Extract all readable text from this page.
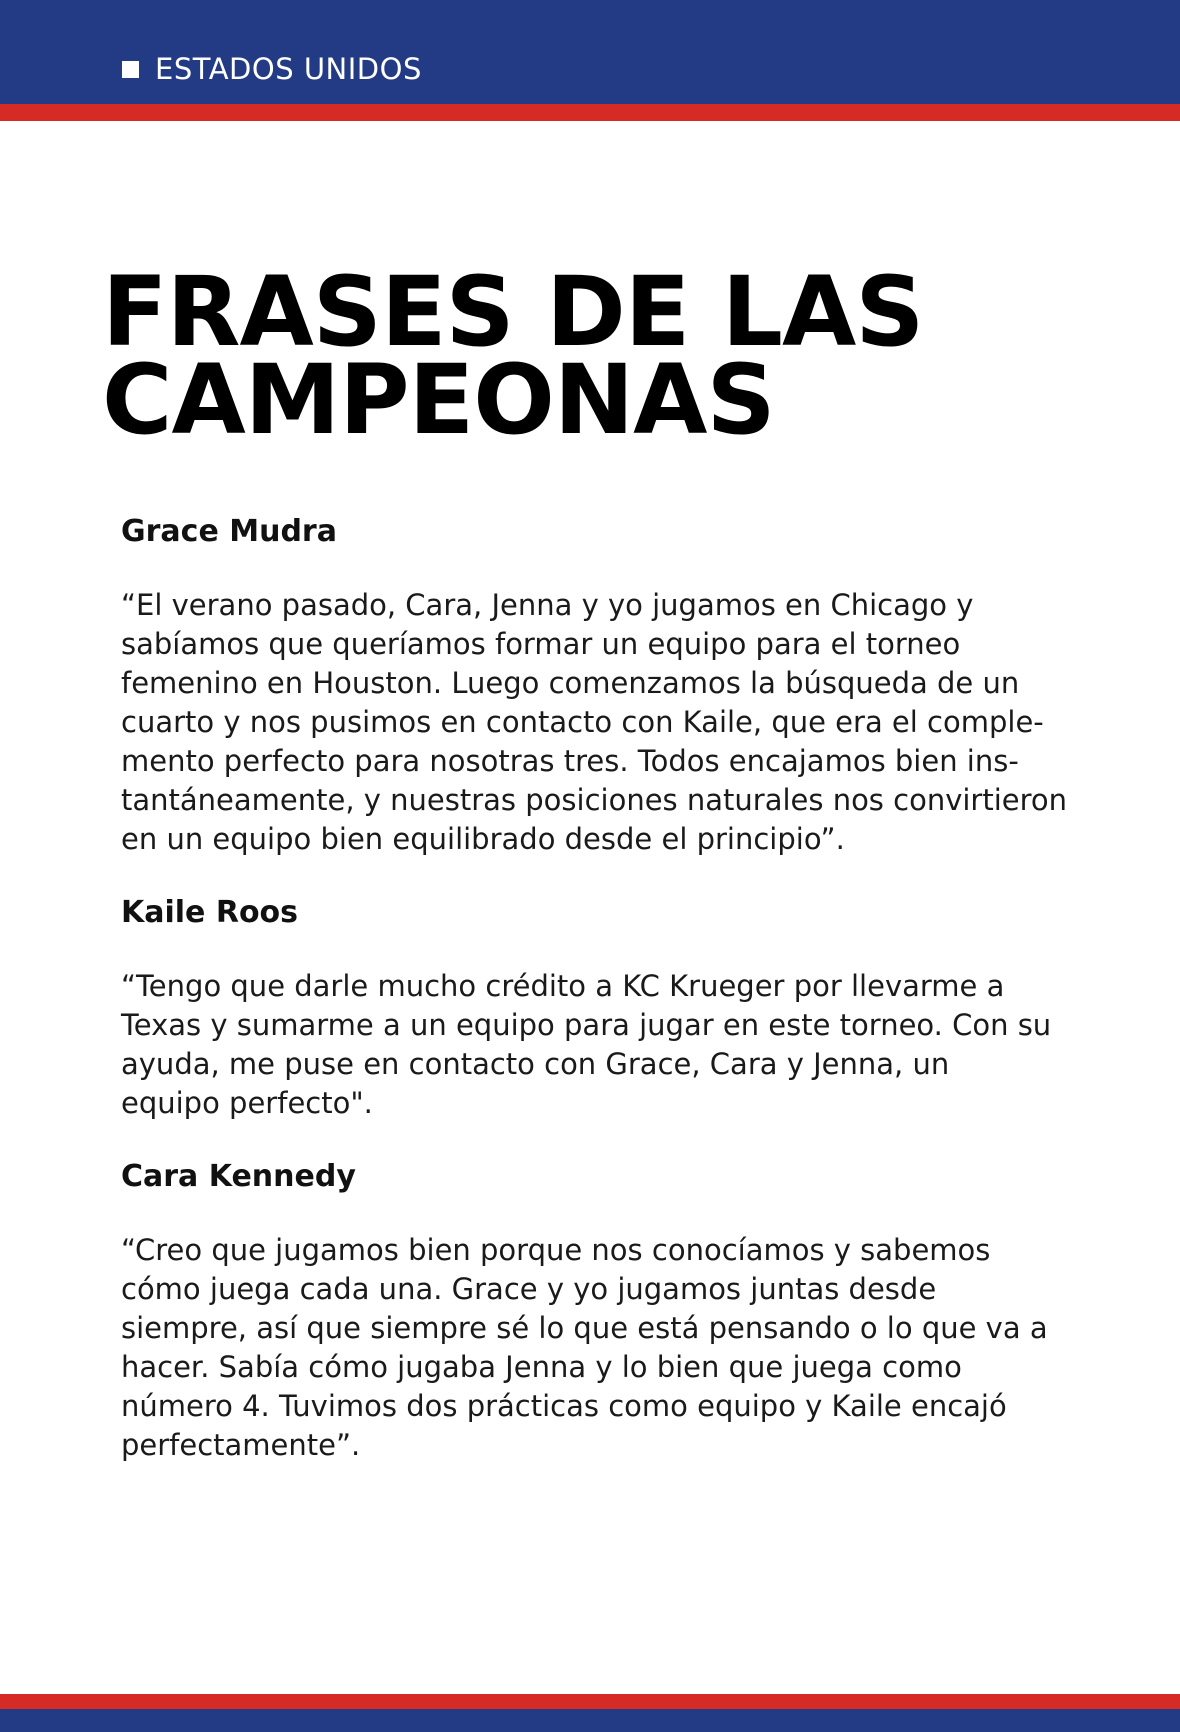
ESTADOS UNIDOS
FRASES DE LAS
CAMPEONAS

Grace Mudra

“El verano pasado, Cara, Jenna y yo jugamos en Chicago y
sabíamos que queríamos formar un equipo para el torneo
femenino en Houston. Luego comenzamos la búsqueda de un
cuarto y nos pusimos en contacto con Kaile, que era el comple-
mento perfecto para nosotras tres. Todos encajamos bien ins-
tantáneamente, y nuestras posiciones naturales nos convirtieron
en un equipo bien equilibrado desde el principio”.

Kaile Roos

“Tengo que darle mucho crédito a KC Krueger por llevarme a
Texas y sumarme a un equipo para jugar en este torneo. Con su
ayuda, me puse en contacto con Grace, Cara y Jenna, un
equipo perfecto".

Cara Kennedy

“Creo que jugamos bien porque nos conocíamos y sabemos
cómo juega cada una. Grace y yo jugamos juntas desde
siempre, así que siempre sé lo que está pensando o lo que va a
hacer. Sabía cómo jugaba Jenna y lo bien que juega como
número 4. Tuvimos dos prácticas como equipo y Kaile encajó
perfectamente”.
